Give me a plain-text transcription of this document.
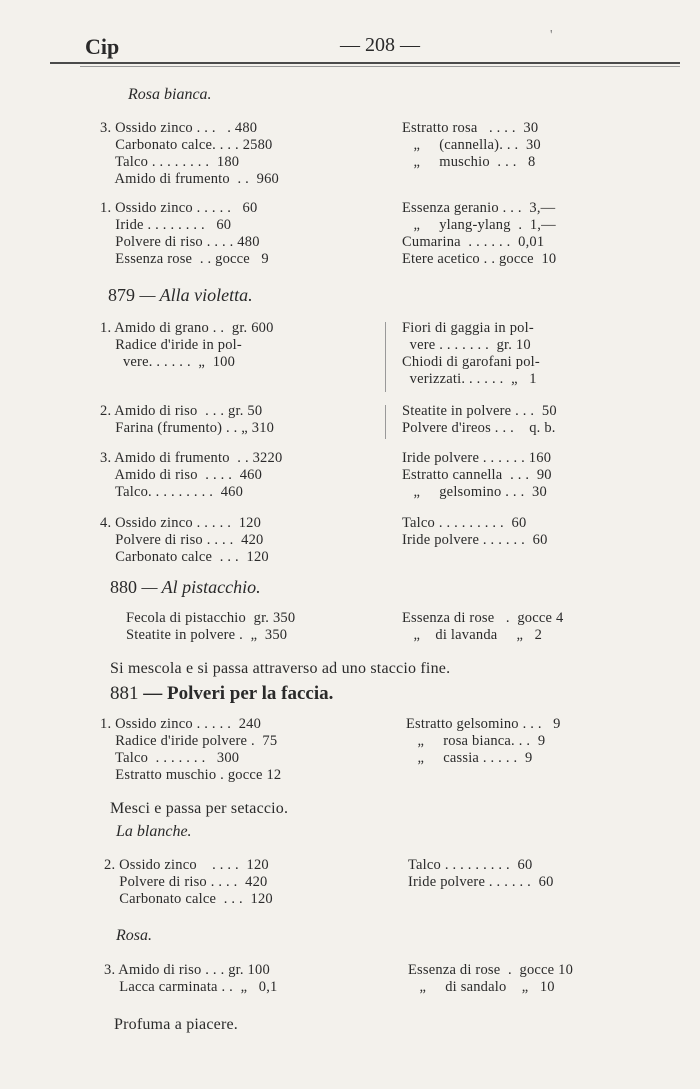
Cip	— 208 —	'
Rosa bianca.
3. Ossido zinco . . .   . 480
Carbonato calce. . . . 2580
Talco . . . . . . . .  180
Amido di frumento  . .  960
Estratto rosa   . . . .  30
„     (cannella). . .  30
„     muschio  . . .   8
1. Ossido zinco . . . . .   60
Iride . . . . . . . .   60
Polvere di riso . . . . 480
Essenza rose  . . gocce   9
Essenza geranio . . .  3,—
„     ylang-ylang  .  1,—
Cumarina  . . . . . .  0,01
Etere acetico . . gocce  10
879 — Alla violetta.
1. Amido di grano . .  gr. 600
Radice d'iride in pol-
vere. . . . . .  „  100
Fiori di gaggia in pol-
vere . . . . . . .  gr. 10
Chiodi di garofani pol-
verizzati. . . . . .  „   1
2. Amido di riso  . . . gr. 50
Farina (frumento) . . „ 310
Steatite in polvere . . .  50
Polvere d'ireos . . .    q. b.
3. Amido di frumento  . . 3220
Amido di riso  . . . .  460
Talco. . . . . . . . .  460
Iride polvere . . . . . . 160
Estratto cannella  . . .  90
„     gelsomino . . .  30
4. Ossido zinco . . . . .  120
Polvere di riso . . . .  420
Carbonato calce  . . .  120
Talco . . . . . . . . .  60
Iride polvere . . . . . .  60
880 — Al pistacchio.
Fecola di pistacchio  gr. 350
Steatite in polvere .  „  350
Essenza di rose   .  gocce 4
„    di lavanda     „   2
Si mescola e si passa attraverso ad uno staccio fine.
881 — Polveri per la faccia.
1. Ossido zinco . . . . .  240
Radice d'iride polvere .  75
Talco  . . . . . . .   300
Estratto muschio . gocce 12
Estratto gelsomino . . .   9
„     rosa bianca. . .  9
„     cassia . . . . .  9
Mesci e passa per setaccio.
La blanche.
2. Ossido zinco    . . . .  120
Polvere di riso . . . .  420
Carbonato calce  . . .  120
Talco . . . . . . . . .  60
Iride polvere . . . . . .  60
Rosa.
3. Amido di riso . . . gr. 100
Lacca carminata . .  „   0,1
Essenza di rose  .  gocce 10
„     di sandalo    „   10
Profuma a piacere.
